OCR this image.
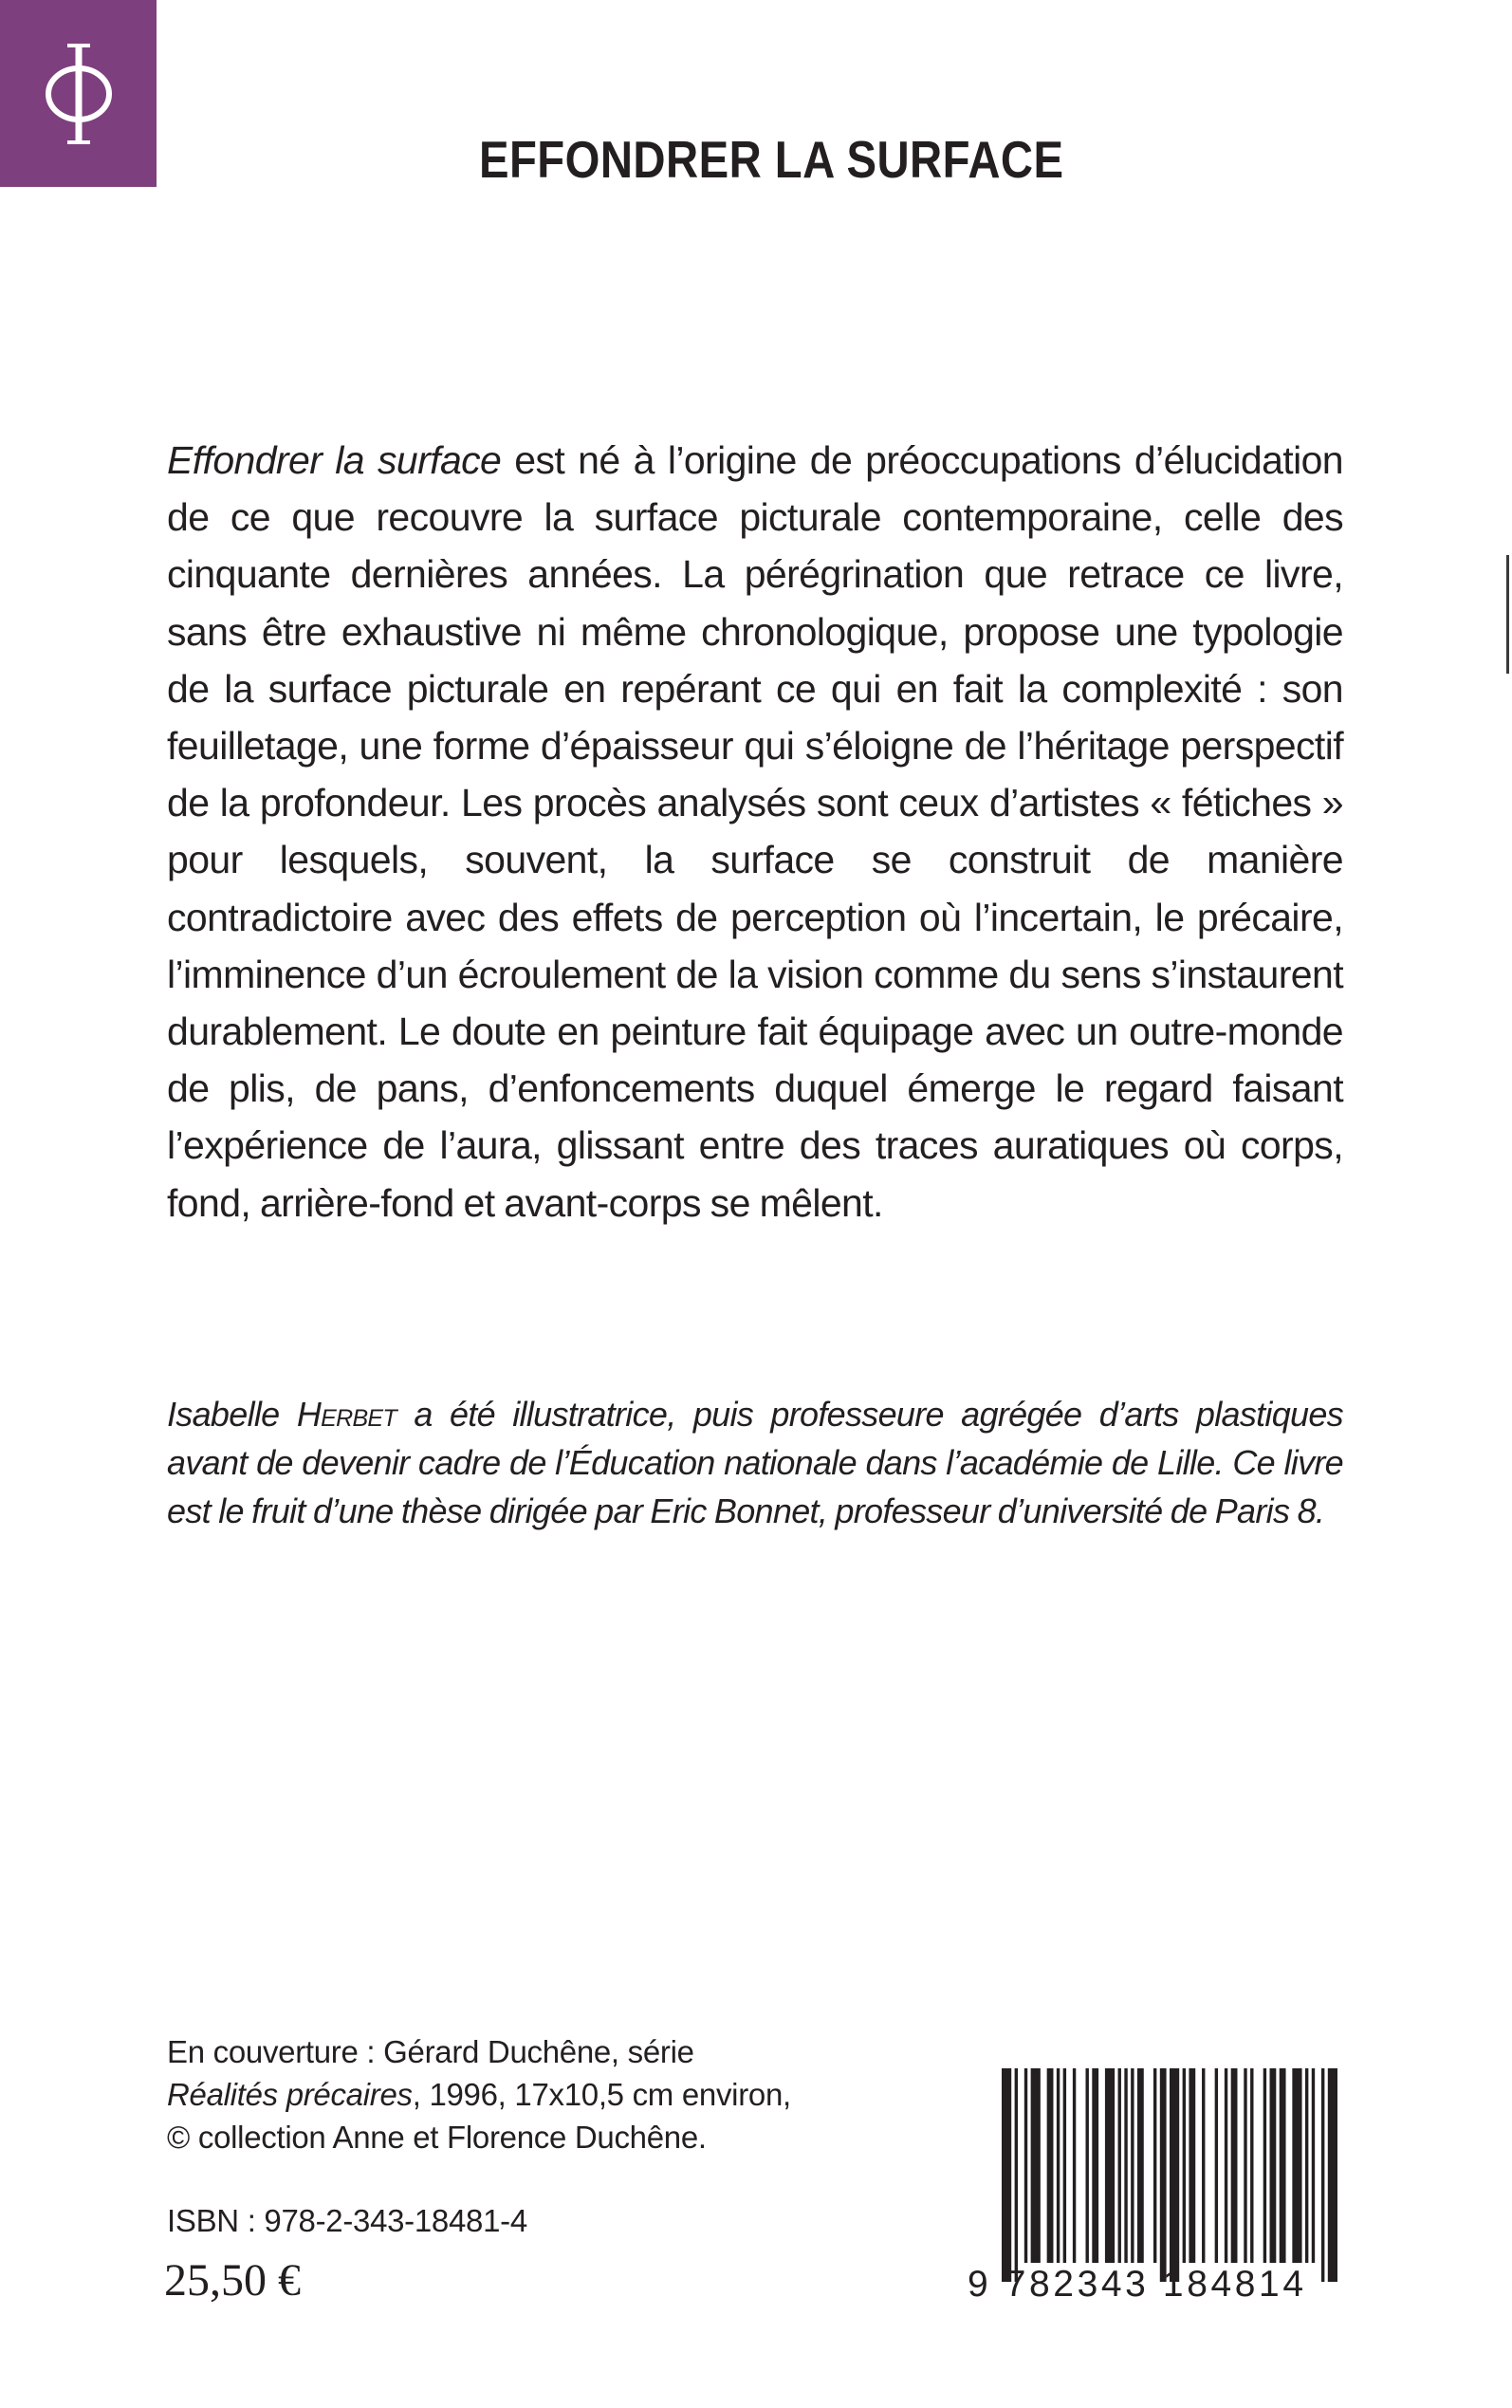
EFFONDRER LA SURFACE

Effondrer la surface est né à l’origine de préoccupations d’élucidation de ce que recouvre la surface picturale contemporaine, celle des cinquante dernières années. La pérégrination que retrace ce livre, sans être exhaustive ni même chronologique, propose une typologie de la surface picturale en repérant ce qui en fait la complexité : son feuilletage, une forme d’épaisseur qui s’éloigne de l’héritage perspectif de la profondeur. Les procès analysés sont ceux d’artistes « fétiches » pour lesquels, souvent, la surface se construit de manière contradictoire avec des effets de perception où l’incertain, le précaire, l’imminence d’un écroulement de la vision comme du sens s’instaurent durablement. Le doute en peinture fait équipage avec un outre-monde de plis, de pans, d’enfoncements duquel émerge le regard faisant l’expérience de l’aura, glissant entre des traces auratiques où corps, fond, arrière-fond et avant-corps se mêlent.

Isabelle Herbet a été illustratrice, puis professeure agrégée d’arts plastiques avant de devenir cadre de l’Éducation nationale dans l’académie de Lille. Ce livre est le fruit d’une thèse dirigée par Eric Bonnet, professeur d’université de Paris 8.

En couverture : Gérard Duchêne, série
Réalités précaires, 1996, 17x10,5 cm environ,
© collection Anne et Florence Duchêne.
ISBN : 978-2-343-18481-4
25,50 €	9 782343 184814
